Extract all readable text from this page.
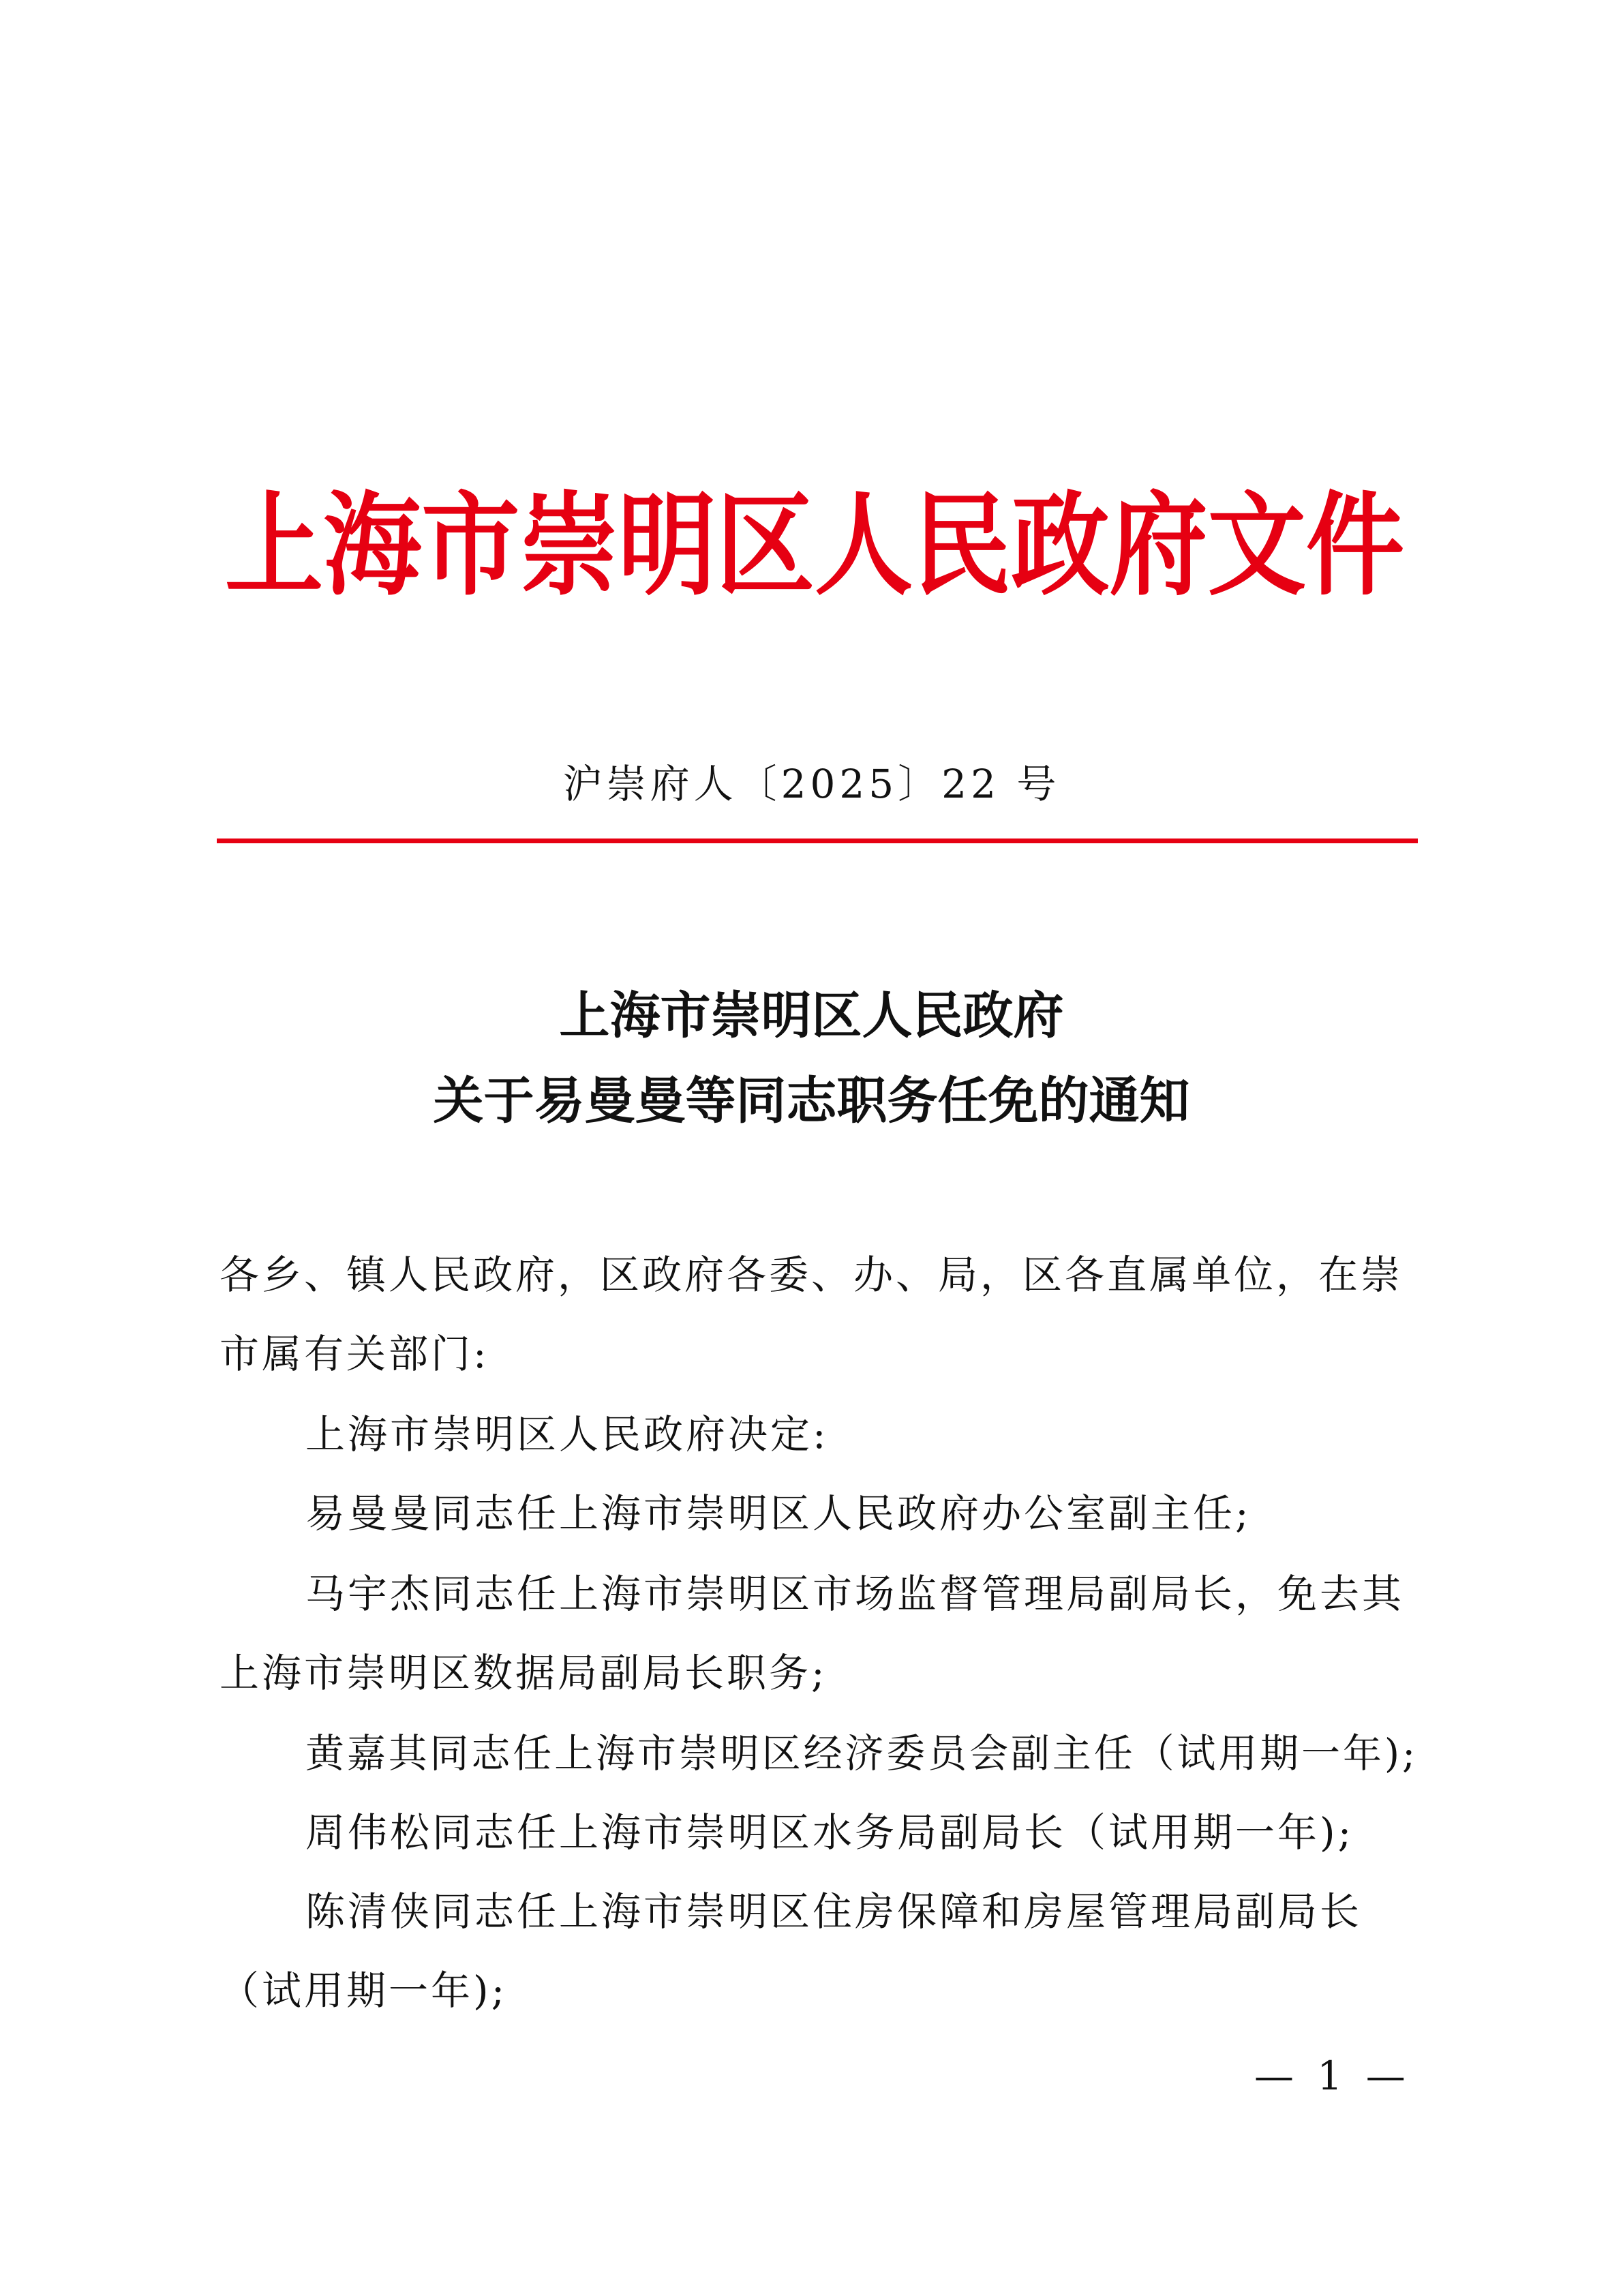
上海市崇明区人民政府文件
沪崇府人〔2025〕22 号
上海市崇明区人民政府
关于易曼曼等同志职务任免的通知
各乡、镇人民政府，区政府各委、办、局，区各直属单位，在崇
市属有关部门:
上海市崇明区人民政府决定:
易曼曼同志任上海市崇明区人民政府办公室副主任;
马宇杰同志任上海市崇明区市场监督管理局副局长，免去其
上海市崇明区数据局副局长职务;
黄嘉其同志任上海市崇明区经济委员会副主任（试用期一年);
周伟松同志任上海市崇明区水务局副局长（试用期一年);
陈清侠同志任上海市崇明区住房保障和房屋管理局副局长
（试用期一年);
— 1 —
